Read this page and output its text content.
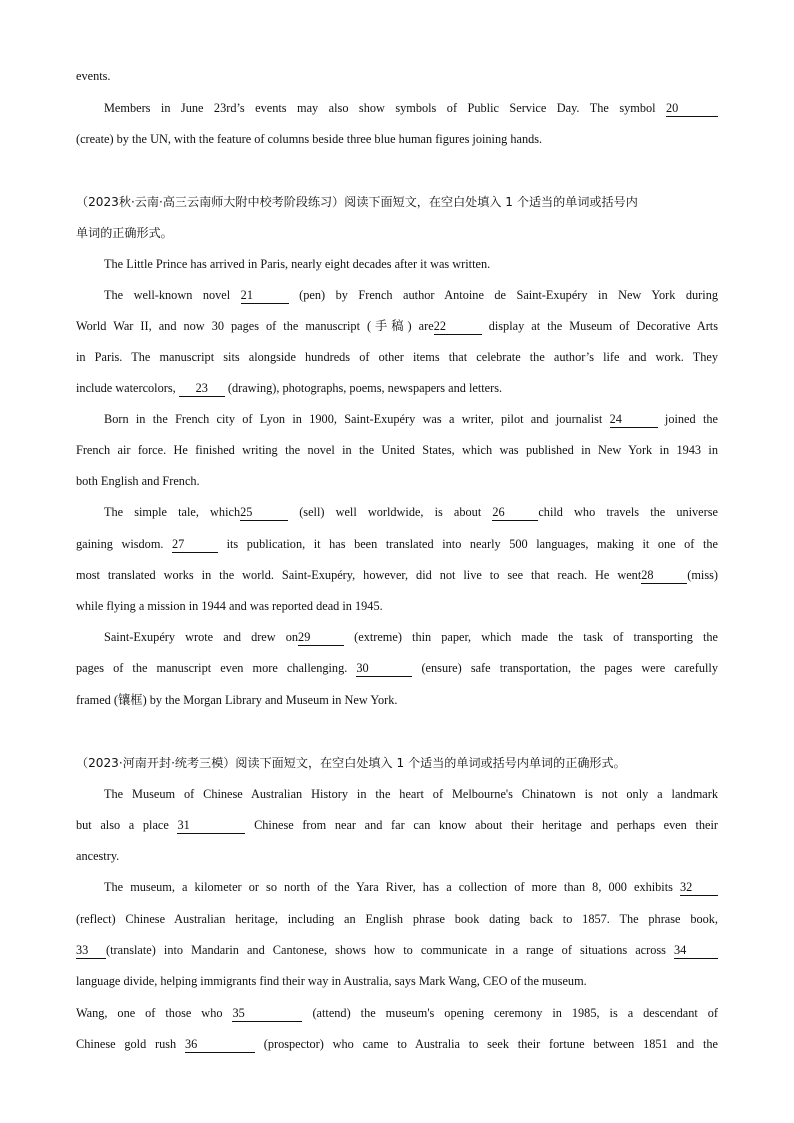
events.
Members in June 23rd’s events may also show symbols of Public Service Day. The symbol 20
(create) by the UN, with the feature of columns beside three blue human figures joining hands.
（2023秋·云南·高三云南师大附中校考阶段练习）阅读下面短文，在空白处填入 1 个适当的单词或括号内
单词的正确形式。
The Little Prince has arrived in Paris, nearly eight decades after it was written.
The well-known novel 21	(pen) by French author Antoine de Saint-Exupéry in New York during
World War II, and now 30 pages of the manuscript (手稿) are22	display at the Museum of Decorative Arts
in Paris. The manuscript sits alongside hundreds of other items that celebrate the author’s life and work. They
include watercolors, 23 (drawing), photographs, poems, newspapers and letters.
Born in the French city of Lyon in 1900, Saint-Exupéry was a writer, pilot and journalist 24	joined the
French air force. He finished writing the novel in the United States, which was published in New York in 1943 in
both English and French.
The simple tale, which25	(sell) well worldwide, is about 26	child who travels the universe
gaining wisdom. 27	its publication, it has been translated into nearly 500 languages, making it one of the
most translated works in the world. Saint-Exupéry, however, did not live to see that reach. He went28	(miss)
while flying a mission in 1944 and was reported dead in 1945.
Saint-Exupéry wrote and drew on29	(extreme) thin paper, which made the task of transporting the
pages of the manuscript even more challenging. 30	(ensure) safe transportation, the pages were carefully
framed (镶框) by the Morgan Library and Museum in New York.
（2023·河南开封·统考三模）阅读下面短文，在空白处填入 1 个适当的单词或括号内单词的正确形式。
The Museum of Chinese Australian History in the heart of Melbourne's Chinatown is not only a landmark
but also a place 31	Chinese from near and far can know about their heritage and perhaps even their
ancestry.
The museum, a kilometer or so north of the Yara River, has a collection of more than 8, 000 exhibits 32
(reflect) Chinese Australian heritage, including an English phrase book dating back to 1857. The phrase book,
33 (translate) into Mandarin and Cantonese, shows how to communicate in a range of situations across 34
language divide, helping immigrants find their way in Australia, says Mark Wang, CEO of the museum.
Wang, one of those who 35	(attend) the museum's opening ceremony in 1985, is a descendant of
Chinese gold rush 36	(prospector) who came to Australia to seek their fortune between 1851 and the
